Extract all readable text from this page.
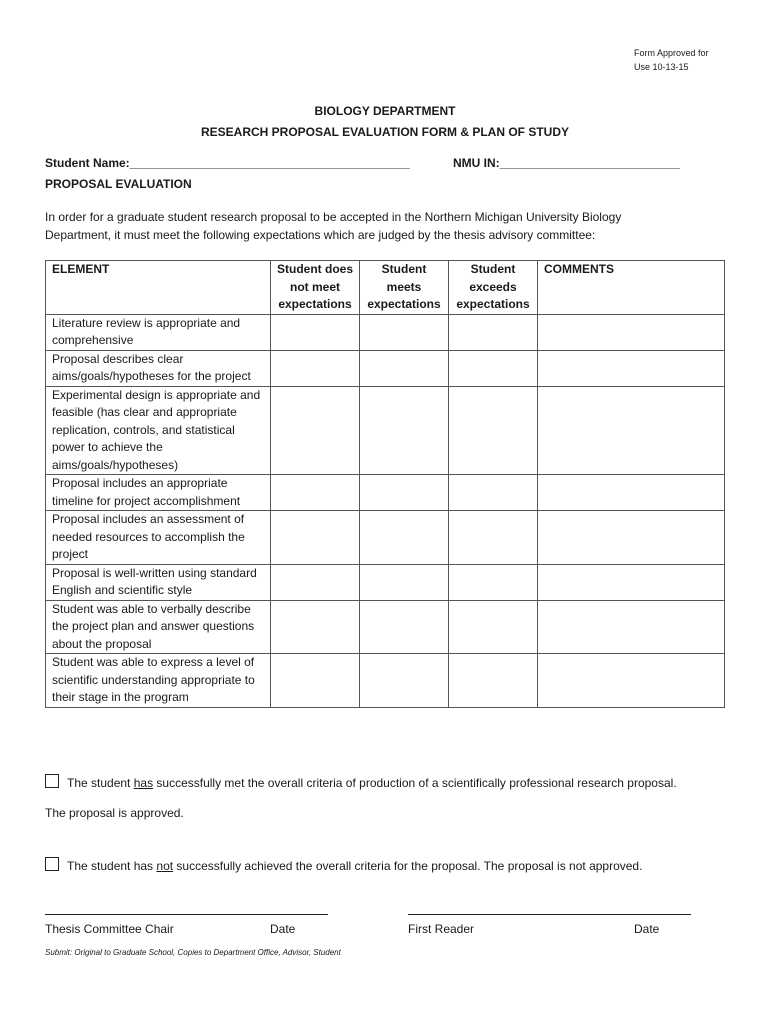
Form Approved for
Use 10-13-15
BIOLOGY DEPARTMENT
RESEARCH PROPOSAL EVALUATION FORM & PLAN OF STUDY
Student Name:__________________________________________	NMU IN:___________________________
PROPOSAL EVALUATION
In order for a graduate student research proposal to be accepted in the Northern Michigan University Biology Department, it must meet the following expectations which are judged by the thesis advisory committee:
ELEMENT	Student does not meet expectations	Student meets expectations	Student exceeds expectations	COMMENTS
Literature review is appropriate and comprehensive				
Proposal describes clear aims/goals/hypotheses for the project				
Experimental design is appropriate and feasible (has clear and appropriate replication, controls, and statistical power to achieve the aims/goals/hypotheses)				
Proposal includes an appropriate timeline for project accomplishment				
Proposal includes an assessment of needed resources to accomplish the project				
Proposal is well-written using standard English and scientific style				
Student was able to verbally describe the project plan and answer questions about the proposal				
Student was able to express a level of scientific understanding appropriate to their stage in the program				
The student has successfully met the overall criteria of production of a scientifically professional research proposal.
The proposal is approved.
The student has not successfully achieved the overall criteria for the proposal. The proposal is not approved.
Thesis Committee Chair	Date	First Reader	Date
Submit: Original to Graduate School, Copies to Department Office, Advisor, Student
